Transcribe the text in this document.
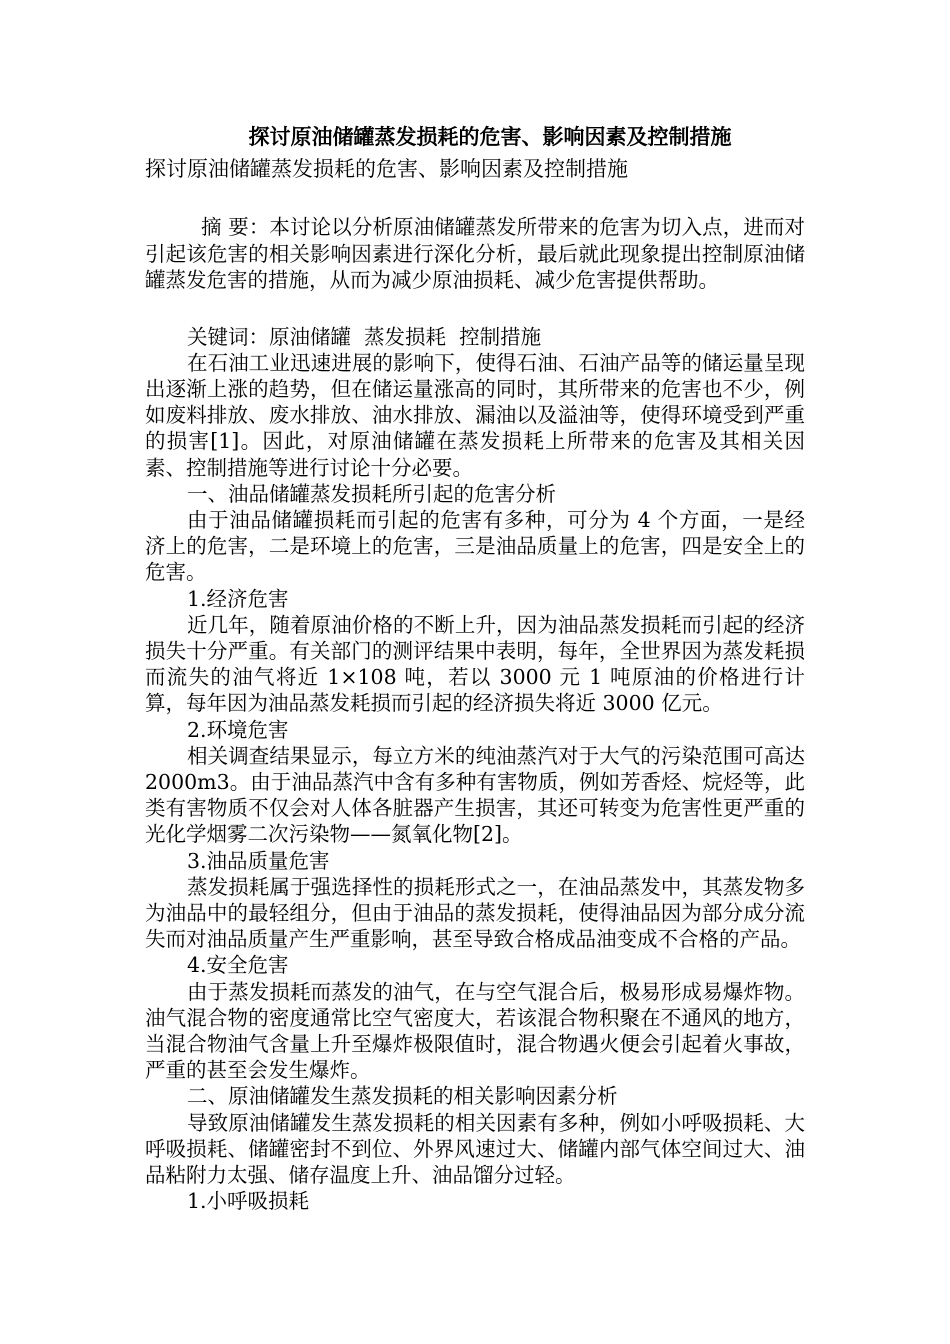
探讨原油储罐蒸发损耗的危害、影响因素及控制措施
探讨原油储罐蒸发损耗的危害、影响因素及控制措施

摘 要：本讨论以分析原油储罐蒸发所带来的危害为切入点，进而对引起该危害的相关影响因素进行深化分析，最后就此现象提出控制原油储罐蒸发危害的措施，从而为减少原油损耗、减少危害提供帮助。

关键词：原油储罐  蒸发损耗  控制措施

在石油工业迅速进展的影响下，使得石油、石油产品等的储运量呈现出逐渐上涨的趋势，但在储运量涨高的同时，其所带来的危害也不少，例如废料排放、废水排放、油水排放、漏油以及溢油等，使得环境受到严重的损害[1]。因此，对原油储罐在蒸发损耗上所带来的危害及其相关因素、控制措施等进行讨论十分必要。

一、油品储罐蒸发损耗所引起的危害分析

由于油品储罐损耗而引起的危害有多种，可分为 4 个方面，一是经济上的危害，二是环境上的危害，三是油品质量上的危害，四是安全上的危害。

1.经济危害

近几年，随着原油价格的不断上升，因为油品蒸发损耗而引起的经济损失十分严重。有关部门的测评结果中表明，每年，全世界因为蒸发耗损而流失的油气将近 1×108 吨，若以 3000 元 1 吨原油的价格进行计算，每年因为油品蒸发耗损而引起的经济损失将近 3000 亿元。

2.环境危害

相关调查结果显示，每立方米的纯油蒸汽对于大气的污染范围可高达 2000m3。由于油品蒸汽中含有多种有害物质，例如芳香烃、烷烃等，此类有害物质不仅会对人体各脏器产生损害，其还可转变为危害性更严重的光化学烟雾二次污染物——氮氧化物[2]。

3.油品质量危害

蒸发损耗属于强选择性的损耗形式之一，在油品蒸发中，其蒸发物多为油品中的最轻组分，但由于油品的蒸发损耗，使得油品因为部分成分流失而对油品质量产生严重影响，甚至导致合格成品油变成不合格的产品。

4.安全危害

由于蒸发损耗而蒸发的油气，在与空气混合后，极易形成易爆炸物。油气混合物的密度通常比空气密度大，若该混合物积聚在不通风的地方，当混合物油气含量上升至爆炸极限值时，混合物遇火便会引起着火事故，严重的甚至会发生爆炸。

二、原油储罐发生蒸发损耗的相关影响因素分析

导致原油储罐发生蒸发损耗的相关因素有多种，例如小呼吸损耗、大呼吸损耗、储罐密封不到位、外界风速过大、储罐内部气体空间过大、油品粘附力太强、储存温度上升、油品馏分过轻。

1.小呼吸损耗
